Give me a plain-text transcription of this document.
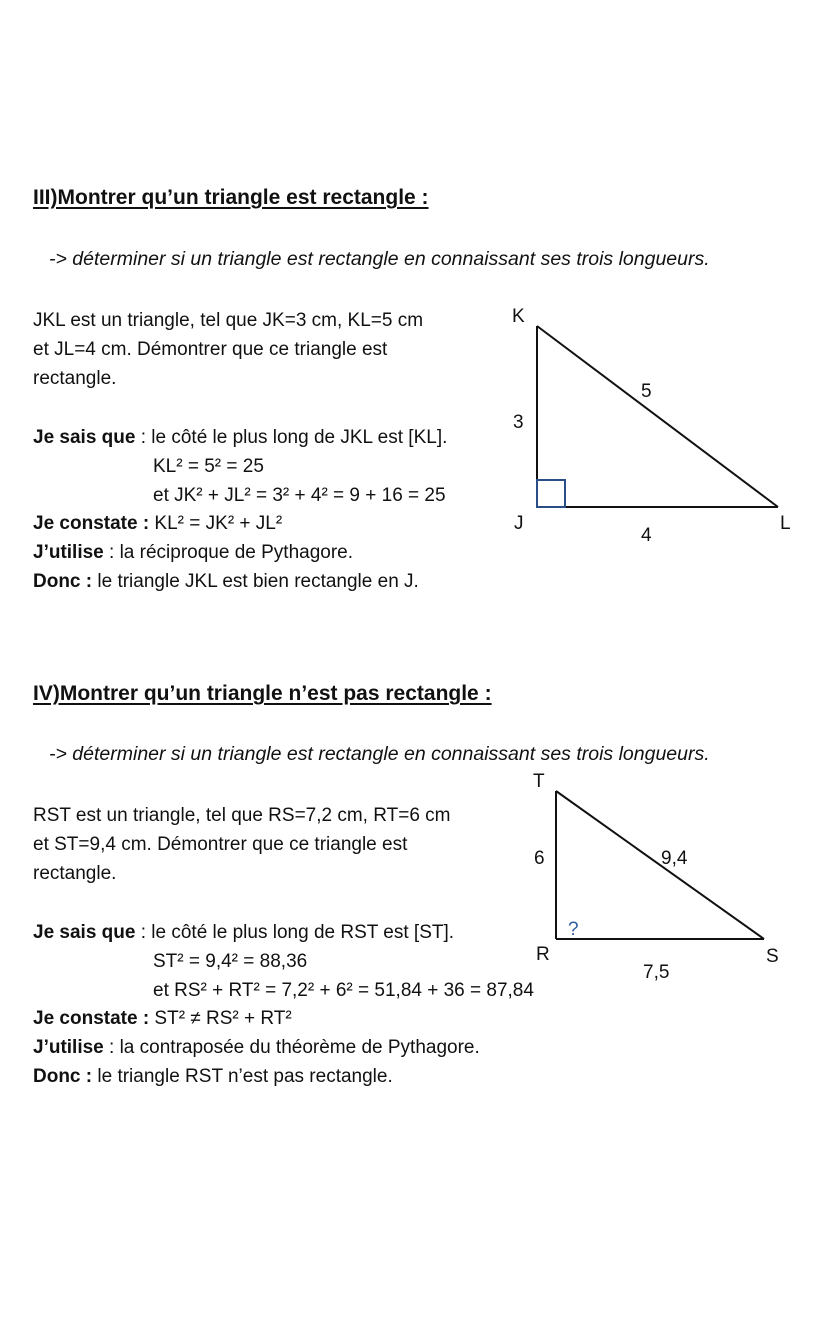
III)Montrer qu’un triangle est rectangle :
-> déterminer si un triangle est rectangle en connaissant ses trois longueurs.
JKL est un triangle, tel que JK=3 cm, KL=5 cm
et JL=4 cm. Démontrer que ce triangle est
rectangle.
Je sais que : le côté le plus long de JKL est [KL].
KL² = 5² = 25
et JK² + JL² = 3² + 4² = 9 + 16 = 25
Je constate : KL² = JK² + JL²
J’utilise : la réciproque de Pythagore.
Donc : le triangle JKL est bien rectangle en J.
K
3
5
J
4
L
IV)Montrer qu’un triangle n’est pas rectangle :
-> déterminer si un triangle est rectangle en connaissant ses trois longueurs.
RST est un triangle, tel que RS=7,2 cm, RT=6 cm
et ST=9,4 cm. Démontrer que ce triangle est
rectangle.
Je sais que : le côté le plus long de RST est [ST].
ST² = 9,4² = 88,36
et RS² + RT² = 7,2² + 6² = 51,84 + 36 = 87,84
Je constate : ST² ≠ RS² + RT²
J’utilise : la contraposée du théorème de Pythagore.
Donc : le triangle RST n’est pas rectangle.
T
6	9,4
?
R	S
7,5
